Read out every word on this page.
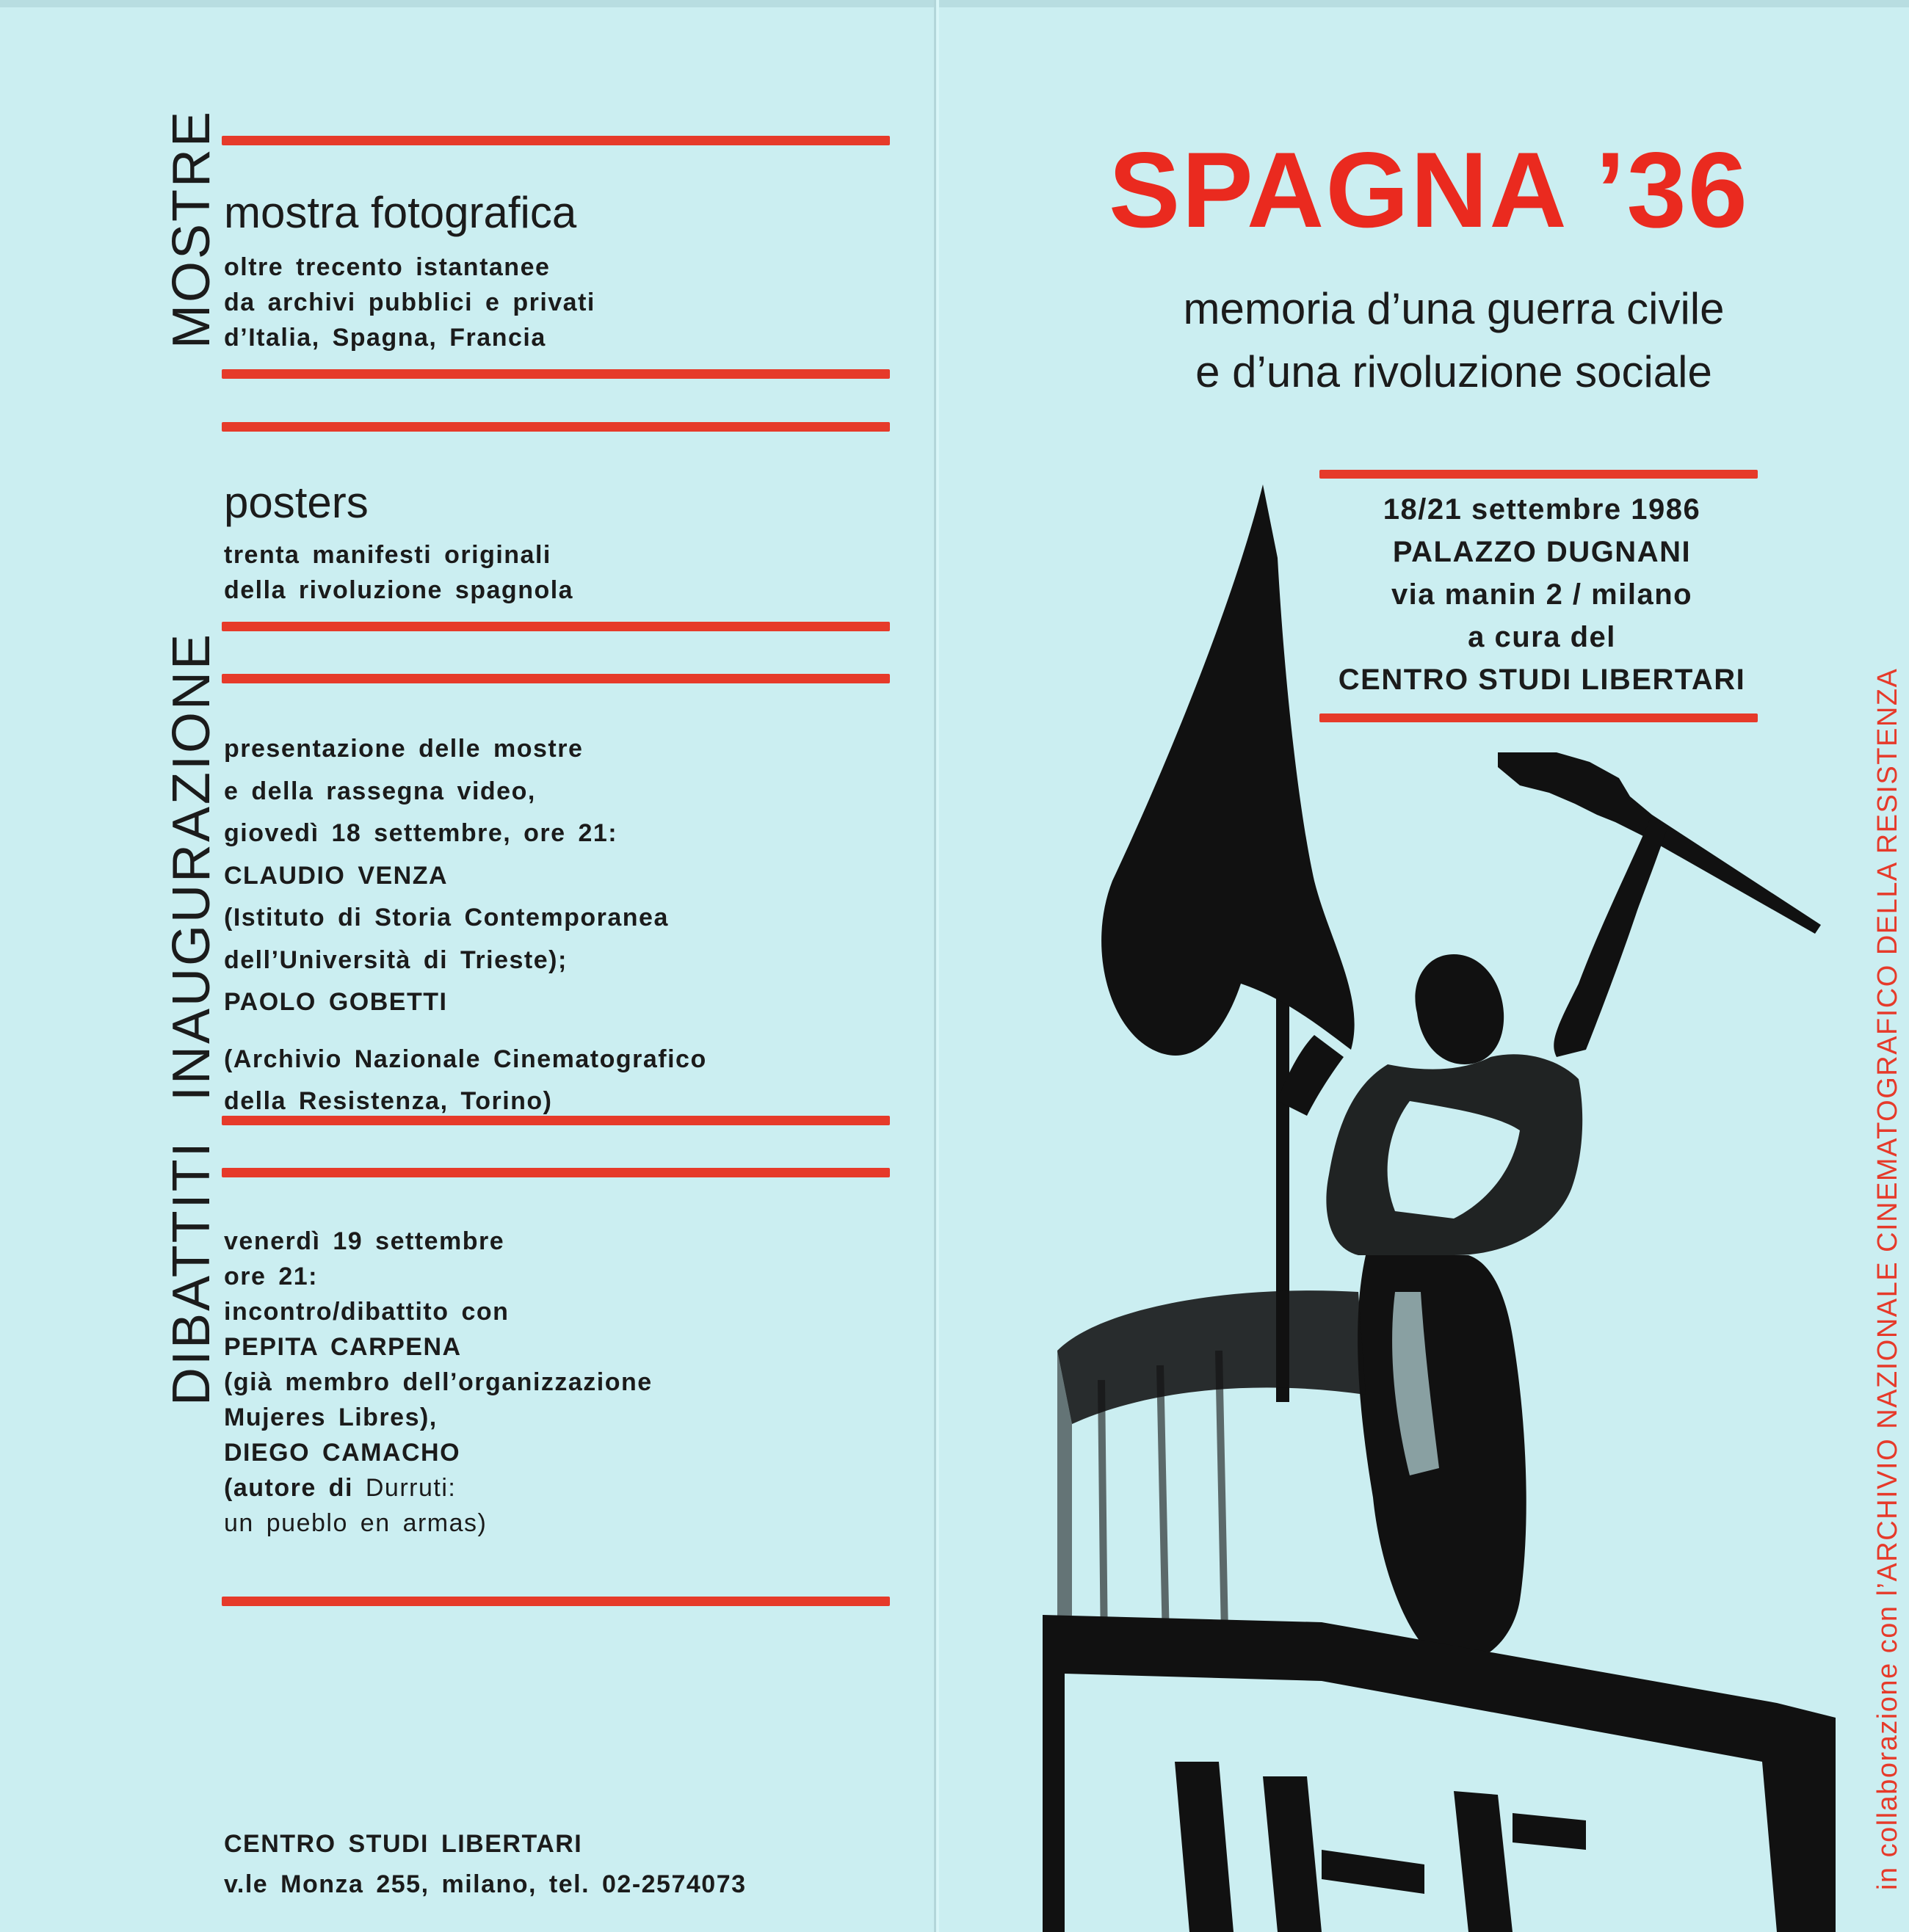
MOSTRE mostra fotografica
oltre trecento istantanee
da archivi pubblici e privati
d’Italia, Spagna, Francia
posters
trenta manifesti originali
della rivoluzione spagnola
INAUGURAZIONE presentazione delle mostre
e della rassegna video,
giovedì 18 settembre, ore 21:
CLAUDIO VENZA
(Istituto di Storia Contemporanea
dell’Università di Trieste);
PAOLO GOBETTI
(Archivio Nazionale Cinematografico
della Resistenza, Torino)
DIBATTITI venerdì 19 settembre
ore 21:
incontro/dibattito con
PEPITA CARPENA
(già membro dell’organizzazione
Mujeres Libres),
DIEGO CAMACHO
(autore di Durruti:
un pueblo en armas)
CENTRO STUDI LIBERTARI
v.le Monza 255, milano, tel. 02-2574073
SPAGNA ’36
memoria d’una guerra civile
e d’una rivoluzione sociale
18/21 settembre 1986
PALAZZO DUGNANI
via manin 2 / milano
a cura del
CENTRO STUDI LIBERTARI	in collaborazione con l’ARCHIVIO NAZIONALE CINEMATOGRAFICO DELLA RESISTENZA
